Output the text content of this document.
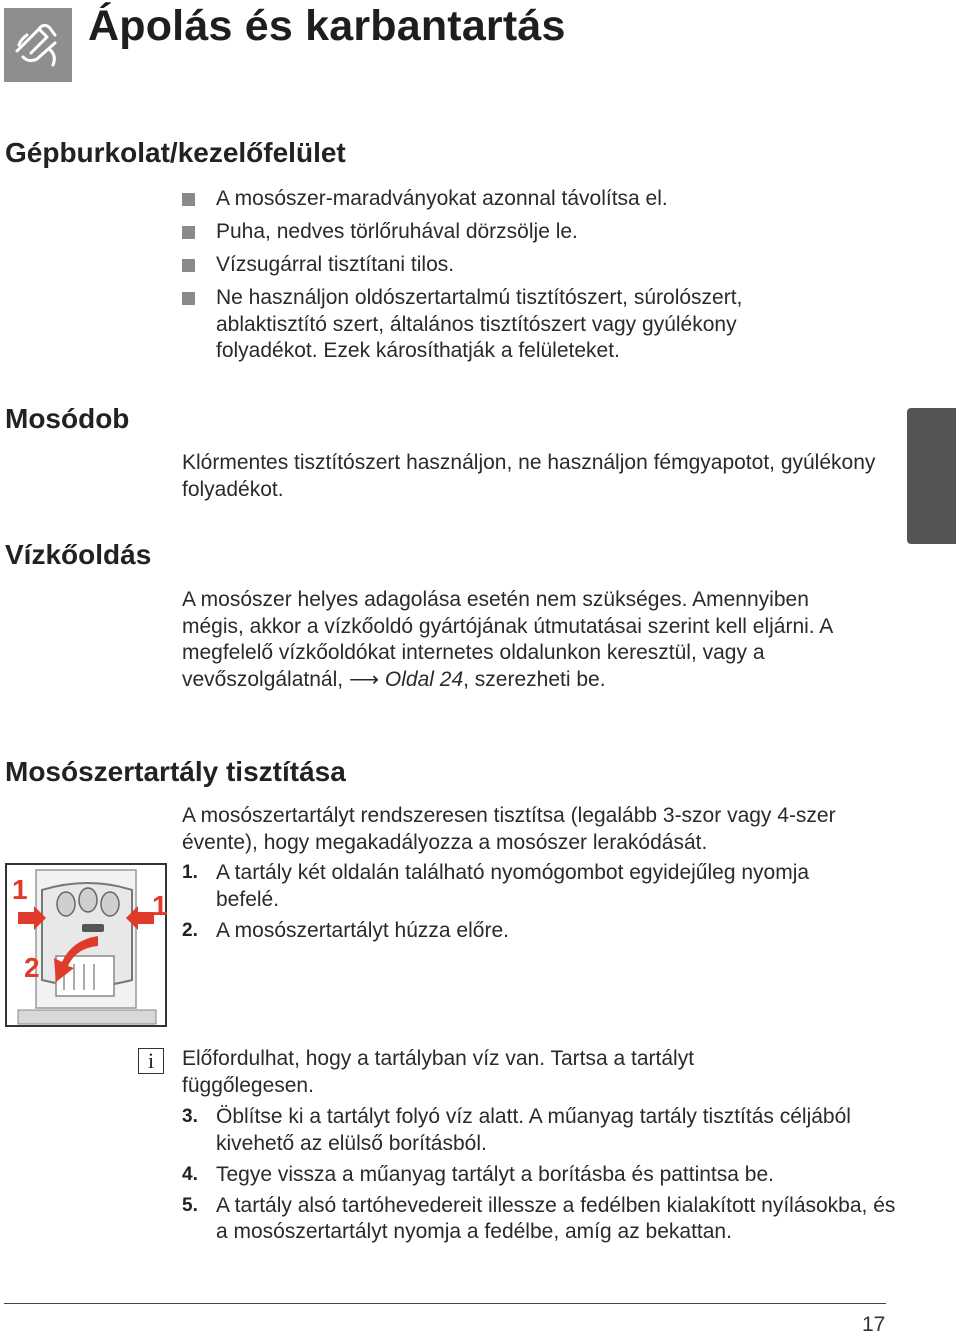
Ápolás és karbantartás
Gépburkolat/kezelőfelület
A mosószer-maradványokat azonnal távolítsa el.
Puha, nedves törlőruhával dörzsölje le.
Vízsugárral tisztítani tilos.
Ne használjon oldószertartalmú tisztítószert, súrolószert, ablaktisztító szert, általános tisztítószert vagy gyúlékony folyadékot. Ezek károsíthatják a felületeket.
Mosódob
Klórmentes tisztítószert használjon, ne használjon fémgyapotot, gyúlékony folyadékot.
Vízkőoldás
A mosószer helyes adagolása esetén nem szükséges. Amennyiben mégis, akkor a vízkőoldó gyártójának útmutatásai szerint kell eljárni. A megfelelő vízkőoldókat internetes oldalunkon keresztül, vagy a vevőszolgálatnál, ⟶ Oldal 24, szerezheti be.
Mosószertartály tisztítása
A mosószertartályt rendszeresen tisztítsa (legalább 3-szor vagy 4-szer évente), hogy megakadályozza a mosószer lerakódását.
1. A tartály két oldalán található nyomógombot egyidejűleg nyomja befelé.
2. A mosószertartályt húzza előre.
1
1
2
i	Előfordulhat, hogy a tartályban víz van. Tartsa a tartályt függőlegesen.
3. Öblítse ki a tartályt folyó víz alatt. A műanyag tartály tisztítás céljából kivehető az elülső borításból.
4. Tegye vissza a műanyag tartályt a borításba és pattintsa be.
5. A tartály alsó tartóhevedereit illessze a fedélben kialakított nyílásokba, és a mosószertartályt nyomja a fedélbe, amíg az bekattan.
17
